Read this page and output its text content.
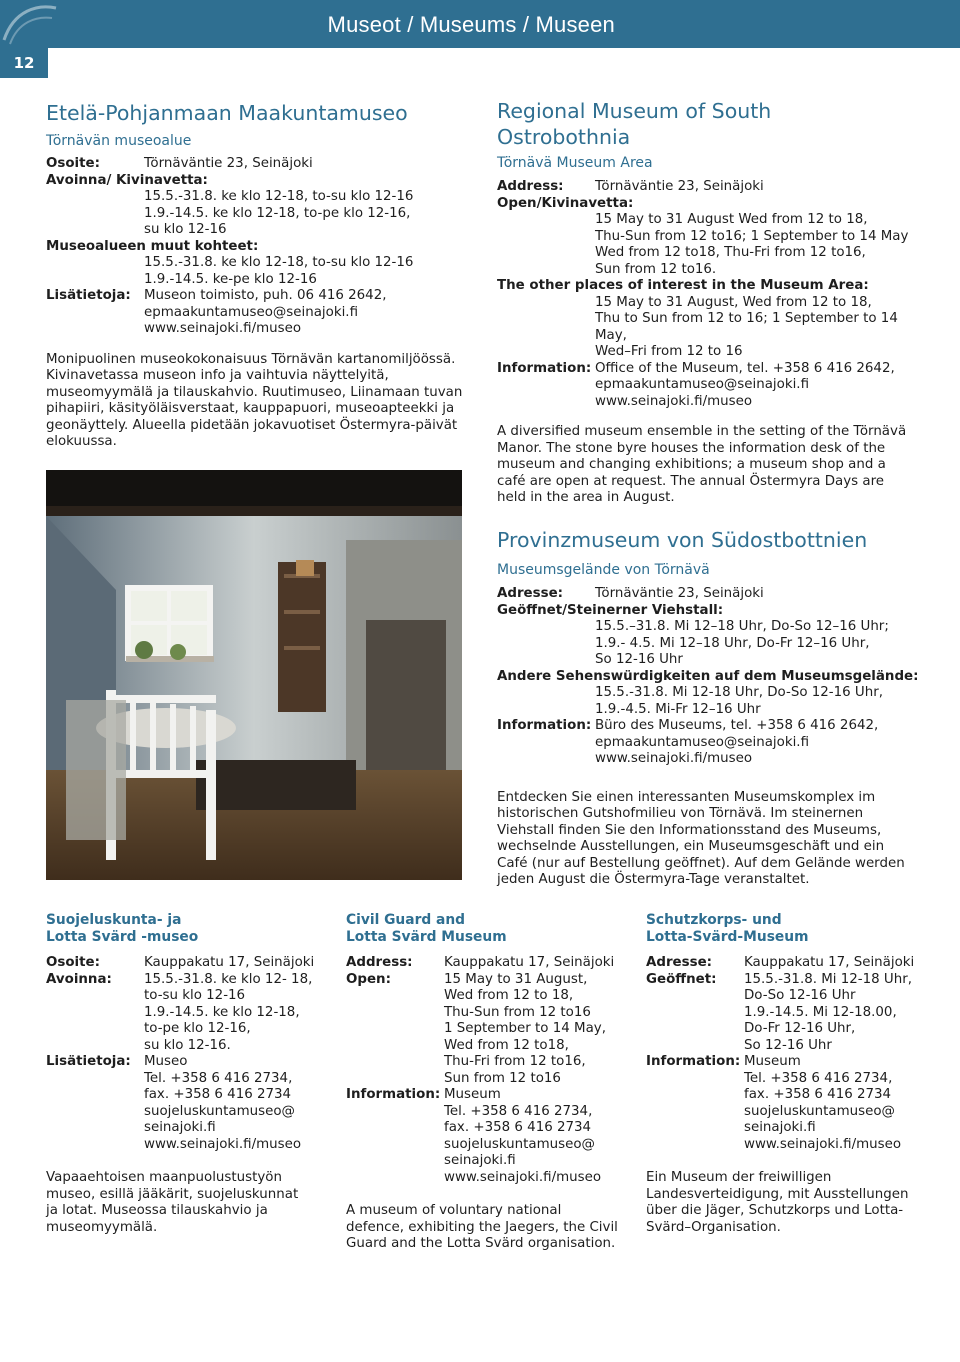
Museot / Museums / Museen
12
Etelä-Pohjanmaan Maakuntamuseo
Törnävän museoalue
Osoite:	Törnäväntie 23, Seinäjoki
Avoinna/ Kivinavetta:
15.5.-31.8. ke klo 12-18, to-su klo 12-16
1.9.-14.5. ke klo 12-18, to-pe klo 12-16,
su klo 12-16
Museoalueen muut kohteet:
15.5.-31.8. ke klo 12-18, to-su klo 12-16
1.9.-14.5. ke-pe klo 12-16
Lisätietoja: Museon toimisto, puh. 06 416 2642,
epmaakuntamuseo@seinajoki.fi
www.seinajoki.fi/museo

Monipuolinen museokokonaisuus Törnävän kartanomiljöössä. Kivinavetassa museon info ja vaihtuvia näyttelyitä, museomyymälä ja tilauskahvio. Ruutimuseo, Liinamaan tuvan pihapiiri, käsityöläisverstaat, kauppapuori, museoapteekki ja geonäyttely. Alueella pidetään jokavuotiset Östermyra-päivät elokuussa.

Regional Museum of South
Ostrobothnia
Törnävä Museum Area
Address:	Törnäväntie 23, Seinäjoki
Open/Kivinavetta:
15 May to 31 August Wed from 12 to 18,
Thu-Sun from 12 to16; 1 September to 14 May
Wed from 12 to18, Thu-Fri from 12 to16,
Sun from 12 to16.
The other places of interest in the Museum Area:
15 May to 31 August, Wed from 12 to 18,
Thu to Sun from 12 to 16; 1 September to 14 May,
Wed–Fri from 12 to 16
Information: Office of the Museum, tel. +358 6 416 2642,
epmaakuntamuseo@seinajoki.fi
www.seinajoki.fi/museo

A diversified museum ensemble in the setting of the Törnävä Manor. The stone byre houses the information desk of the museum and changing exhibitions; a museum shop and a café are open at request. The annual Östermyra Days are held in the area in August.

Provinzmuseum von Südostbottnien
Museumsgelände von Törnävä
Adresse:	Törnäväntie 23, Seinäjoki
Geöffnet/Steinerner Viehstall:
15.5.–31.8. Mi 12–18 Uhr, Do-So 12–16 Uhr;
1.9.- 4.5. Mi 12–18 Uhr, Do-Fr 12–16 Uhr,
So 12-16 Uhr
Andere Sehenswürdigkeiten auf dem Museumsgelände:
15.5.-31.8. Mi 12-18 Uhr, Do-So 12-16 Uhr,
1.9.-4.5. Mi-Fr 12–16 Uhr
Information: Büro des Museums, tel. +358 6 416 2642,
epmaakuntamuseo@seinajoki.fi
www.seinajoki.fi/museo

Entdecken Sie einen interessanten Museumskomplex im historischen Gutshofmilieu von Törnävä. Im steinernen Viehstall finden Sie den Informationsstand des Museums, wechselnde Ausstellungen, ein Museumsgeschäft und ein Café (nur auf Bestellung geöffnet). Auf dem Gelände werden jeden August die Östermyra-Tage veranstaltet.

Suojeluskunta- ja
Lotta Svärd -museo
Osoite:	Kauppakatu 17, Seinäjoki
Avoinna:	15.5.-31.8. ke klo 12- 18,
to-su klo 12-16
1.9.-14.5. ke klo 12-18,
to-pe klo 12-16,
su klo 12-16.
Lisätietoja: Museo
Tel. +358 6 416 2734,
fax. +358 6 416 2734
suojeluskuntamuseo@
seinajoki.fi
www.seinajoki.fi/museo

Vapaaehtoisen maanpuolustustyön museo, esillä jääkärit, suojeluskunnat ja lotat. Museossa tilauskahvio ja museomyymälä.

Civil Guard and
Lotta Svärd Museum
Address:	Kauppakatu 17, Seinäjoki
Open:	15 May to 31 August,
Wed from 12 to 18,
Thu-Sun from 12 to16
1 September to 14 May,
Wed from 12 to18,
Thu-Fri from 12 to16,
Sun from 12 to16
Information: Museum
Tel. +358 6 416 2734,
fax. +358 6 416 2734
suojeluskuntamuseo@
seinajoki.fi
www.seinajoki.fi/museo

A museum of voluntary national defence, exhibiting the Jaegers, the Civil Guard and the Lotta Svärd organisation.

Schutzkorps- und
Lotta-Svärd-Museum
Adresse:	Kauppakatu 17, Seinäjoki
Geöffnet:	15.5.-31.8. Mi 12-18 Uhr,
Do-So 12-16 Uhr
1.9.-14.5. Mi 12-18.00,
Do-Fr 12-16 Uhr,
So 12-16 Uhr
Information: Museum
Tel. +358 6 416 2734,
fax. +358 6 416 2734
suojeluskuntamuseo@
seinajoki.fi
www.seinajoki.fi/museo

Ein Museum der freiwilligen Landesverteidigung, mit Ausstellungen über die Jäger, Schutzkorps und Lotta-Svärd–Organisation.
